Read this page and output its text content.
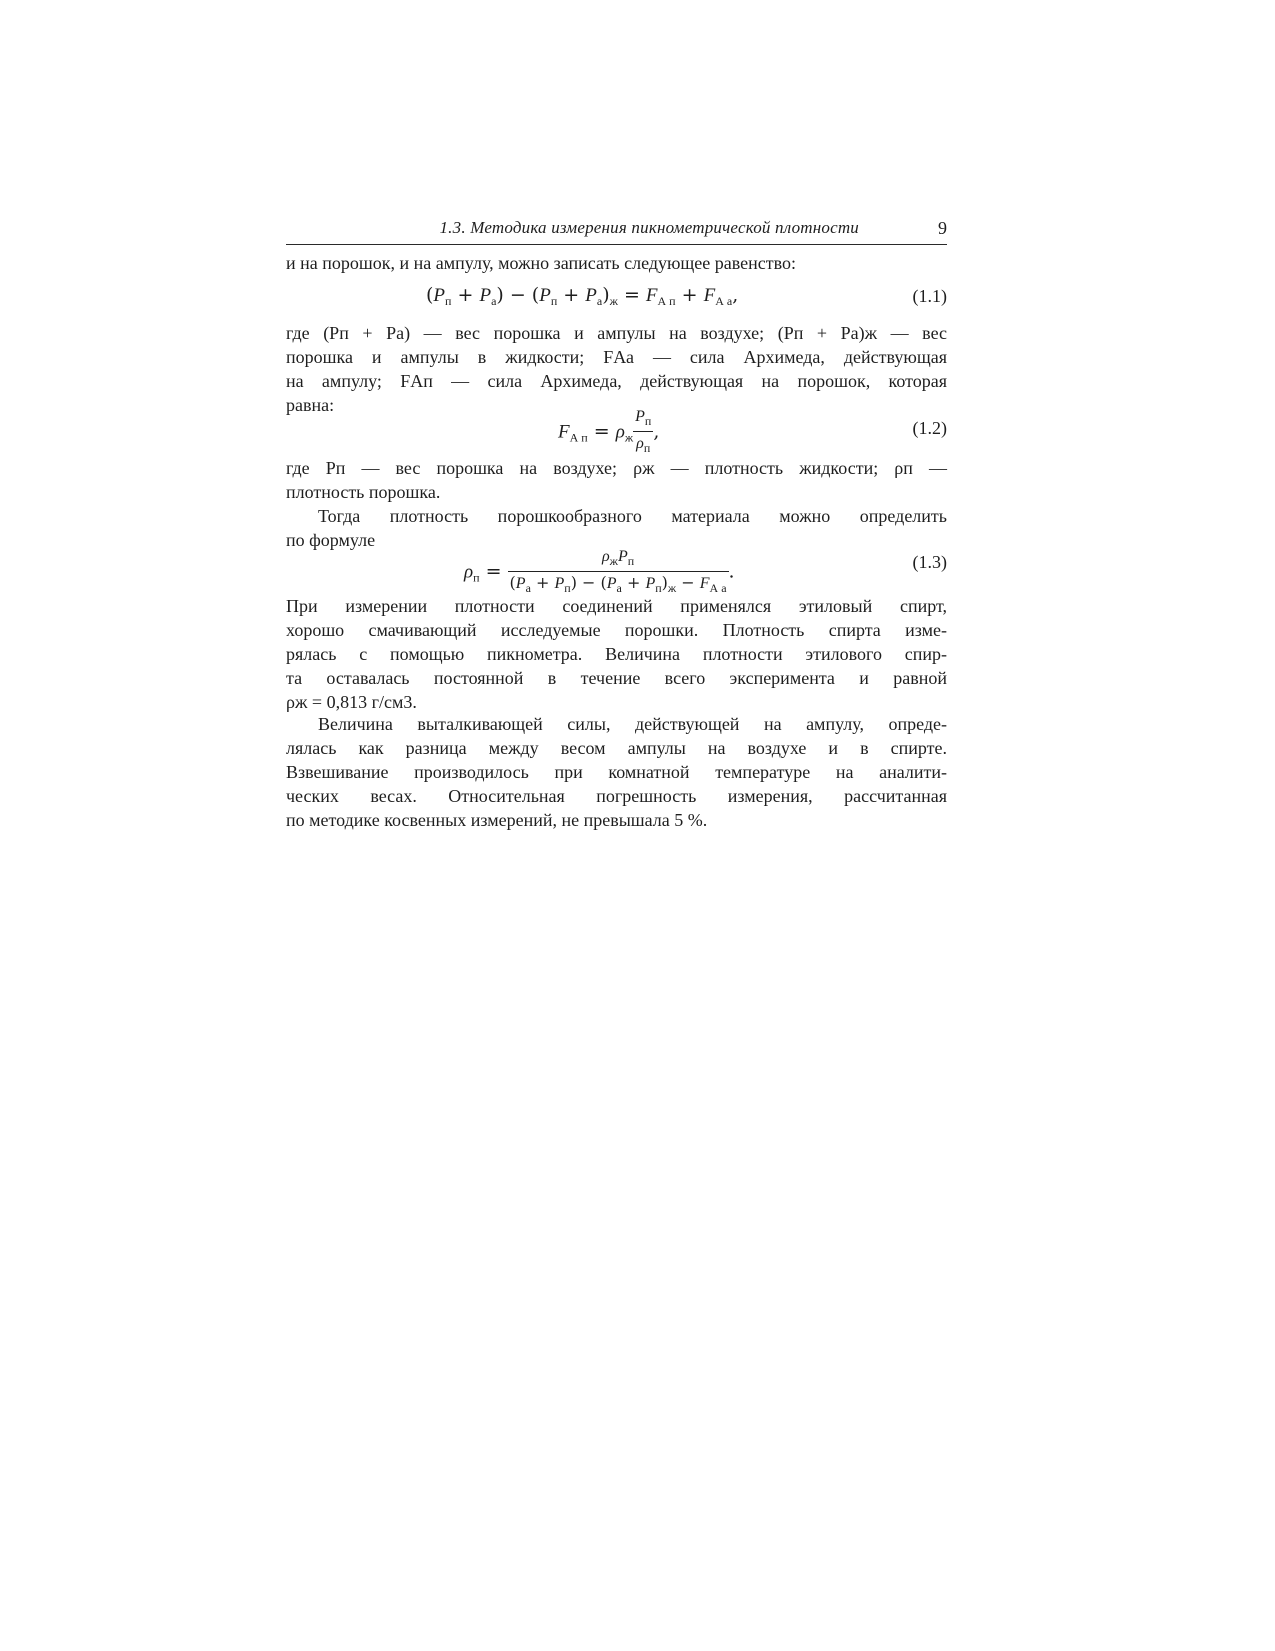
1.3. Методика измерения пикнометрической плотности	9
и на порошок, и на ампулу, можно записать следующее равенство:
$(P_п + P_а) - (P_п + P_а)_ж = F_{А п} + F_{А а}$,	(1.1)
где (Pп + Pа) — вес порошка и ампулы на воздухе; (Pп + Pа)ж — вес
порошка и ампулы в жидкости; FАа — сила Архимеда, действующая
на ампулу; FАп — сила Архимеда, действующая на порошок, которая
равна:
$F_{А п} = \rho_ж \frac{P_п}{\rho_п}$ ,	(1.2)
где Pп — вес порошка на воздухе; ρж — плотность жидкости; ρп —
плотность порошка.
Тогда плотность порошкообразного материала можно определить
по формуле
$\rho_п = \frac{\rho_жP_п}{(P_а + P_п) - (P_а + P_п)_ж - F_{А а}}$ .	(1.3)
При измерении плотности соединений применялся этиловый спирт,
хорошо смачивающий исследуемые порошки. Плотность спирта изме-
рялась с помощью пикнометра. Величина плотности этилового спир-
та оставалась постоянной в течение всего эксперимента и равной
ρж = 0,813 г/см3.
Величина выталкивающей силы, действующей на ампулу, опреде-
лялась как разница между весом ампулы на воздухе и в спирте.
Взвешивание производилось при комнатной температуре на аналити-
ческих весах. Относительная погрешность измерения, рассчитанная
по методике косвенных измерений, не превышала 5 %.
